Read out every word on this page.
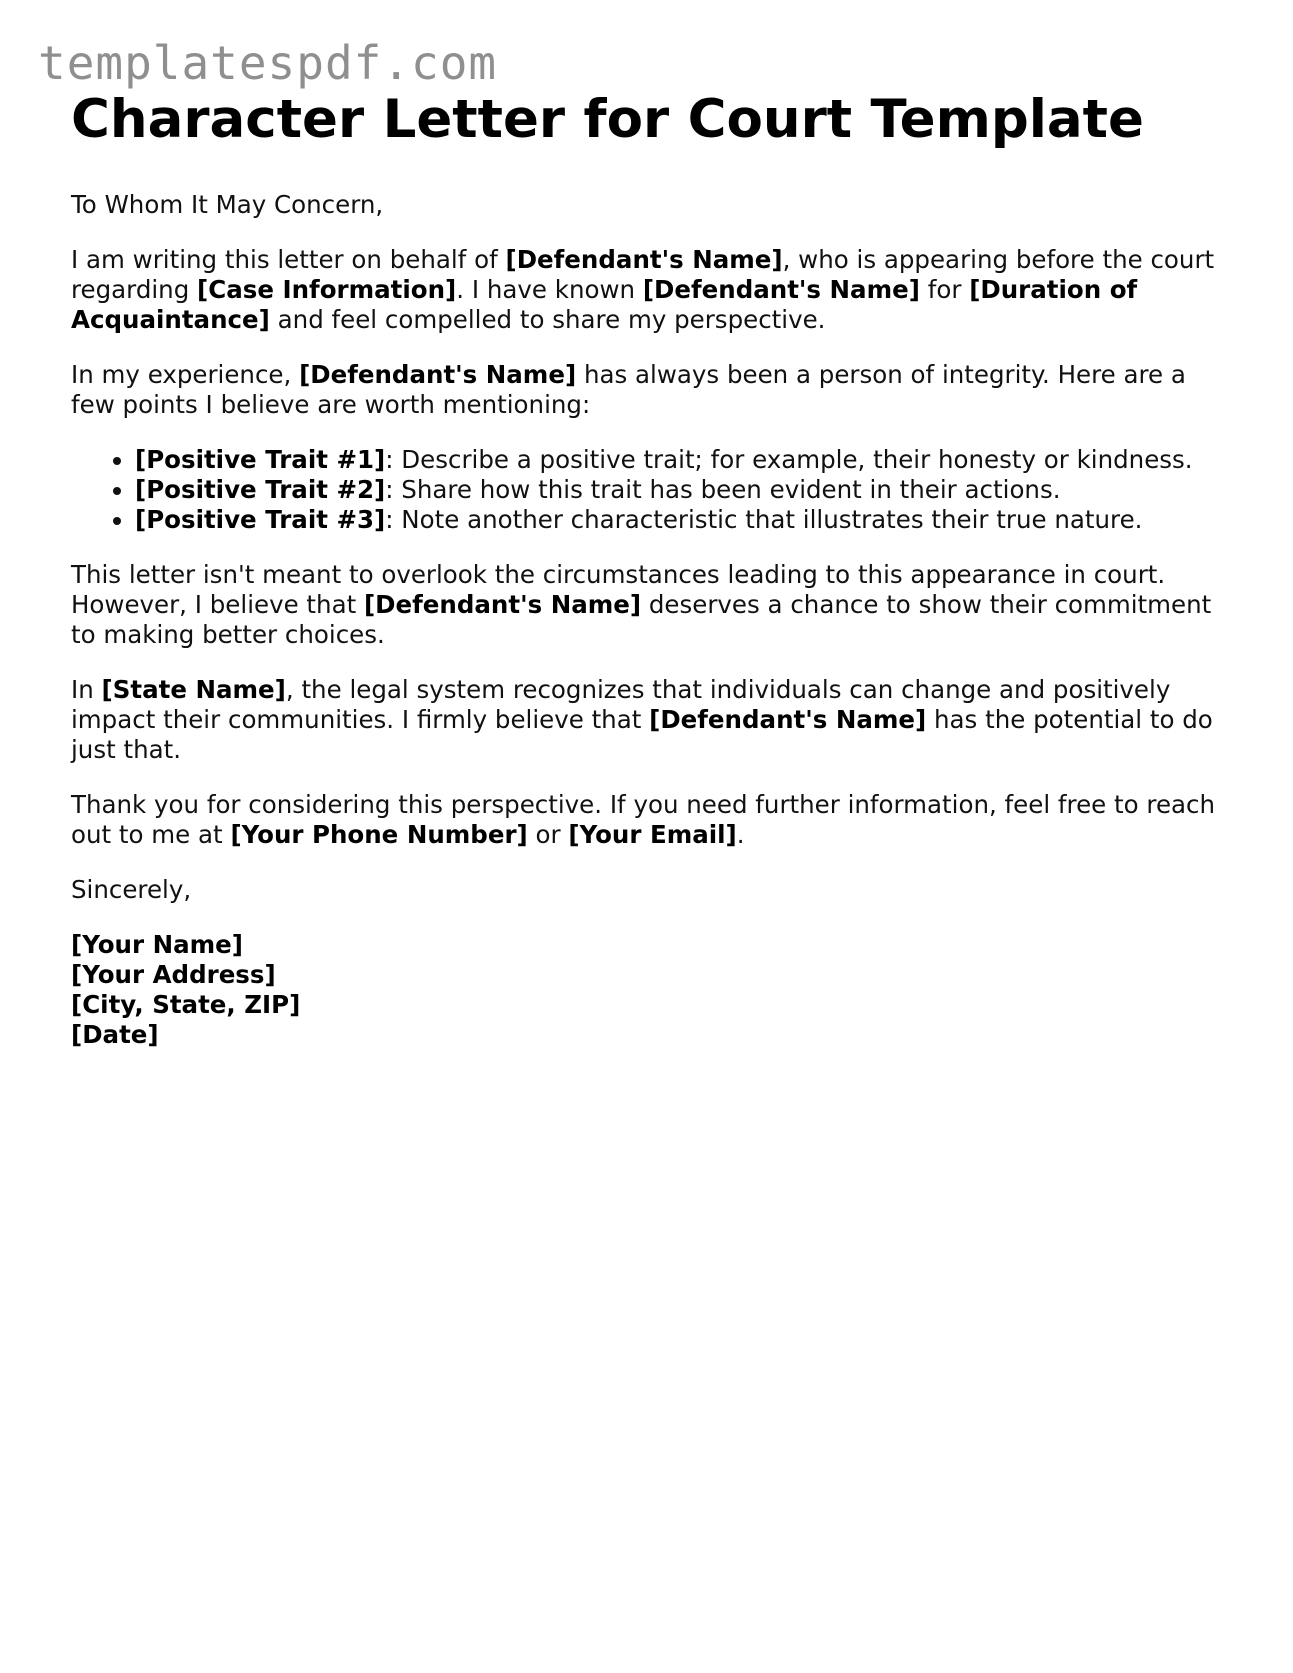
templatespdf.com
Character Letter for Court Template

To Whom It May Concern,

I am writing this letter on behalf of [Defendant's Name], who is appearing before the court regarding [Case Information]. I have known [Defendant's Name] for [Duration of Acquaintance] and feel compelled to share my perspective.

In my experience, [Defendant's Name] has always been a person of integrity. Here are a few points I believe are worth mentioning:

• [Positive Trait #1]: Describe a positive trait; for example, their honesty or kindness.
• [Positive Trait #2]: Share how this trait has been evident in their actions.
• [Positive Trait #3]: Note another characteristic that illustrates their true nature.

This letter isn't meant to overlook the circumstances leading to this appearance in court. However, I believe that [Defendant's Name] deserves a chance to show their commitment to making better choices.

In [State Name], the legal system recognizes that individuals can change and positively impact their communities. I firmly believe that [Defendant's Name] has the potential to do just that.

Thank you for considering this perspective. If you need further information, feel free to reach out to me at [Your Phone Number] or [Your Email].

Sincerely,

[Your Name]

[Your Address]

[City, State, ZIP]

[Date]
